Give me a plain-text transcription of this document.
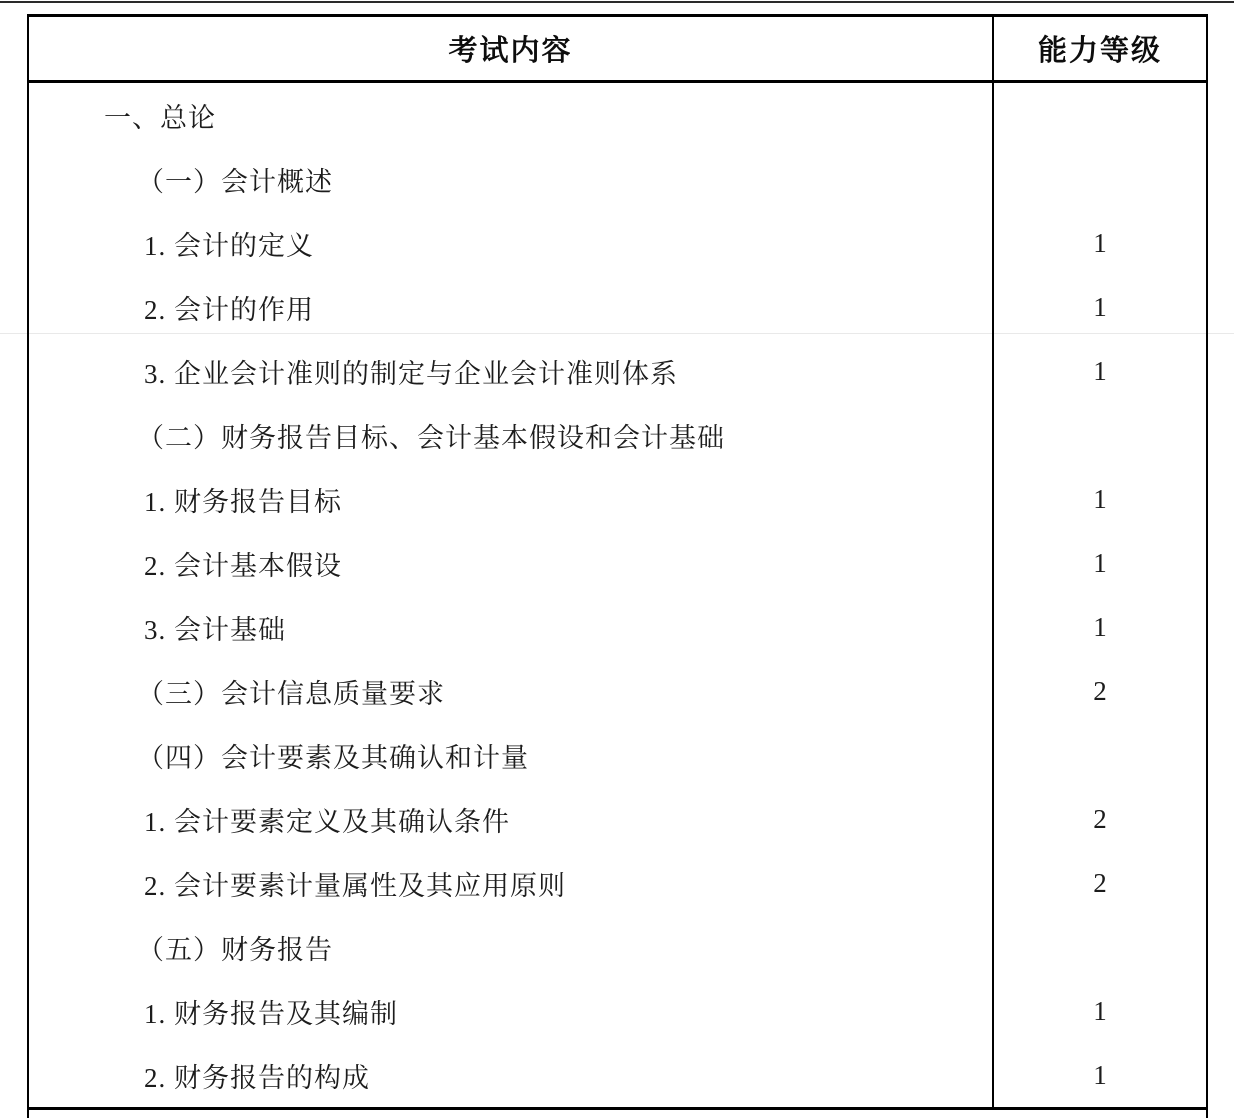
考试内容	能力等级
一、总论
（一）会计概述
1. 会计的定义	1
2. 会计的作用	1
3. 企业会计准则的制定与企业会计准则体系	1
（二）财务报告目标、会计基本假设和会计基础
1. 财务报告目标	1
2. 会计基本假设	1
3. 会计基础	1
（三）会计信息质量要求	2
（四）会计要素及其确认和计量
1. 会计要素定义及其确认条件	2
2. 会计要素计量属性及其应用原则	2
（五）财务报告
1. 财务报告及其编制	1
2. 财务报告的构成	1
